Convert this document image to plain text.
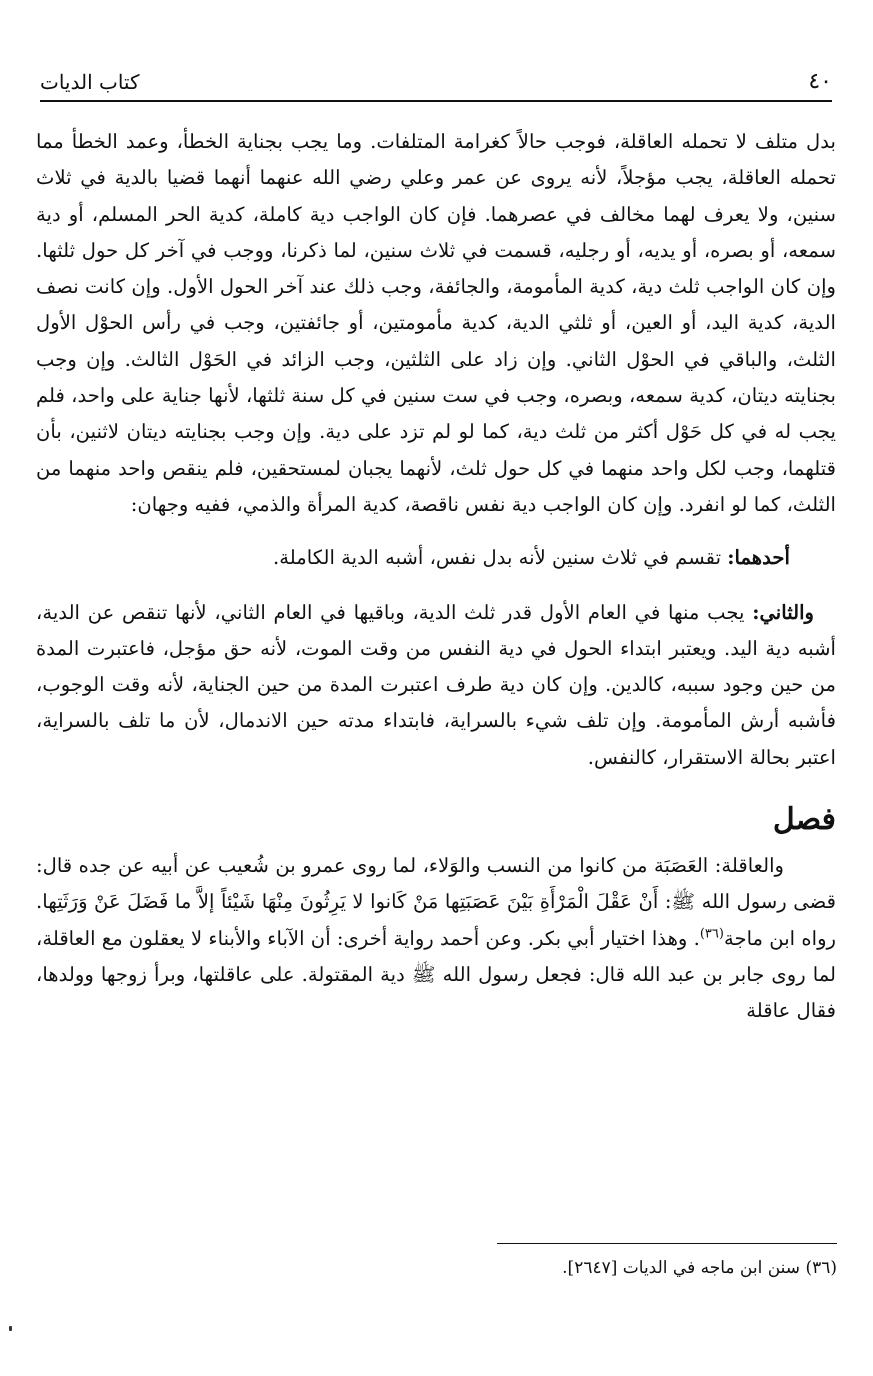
٤٠
كتاب الديات

بدل متلف لا تحمله العاقلة، فوجب حالاً كغرامة المتلفات. وما يجب بجناية الخطأ، وعمد الخطأ مما تحمله العاقلة، يجب مؤجلاً، لأنه يروى عن عمر وعلي رضي الله عنهما أنهما قضيا بالدية في ثلاث سنين، ولا يعرف لهما مخالف في عصرهما. فإن كان الواجب دية كاملة، كدية الحر المسلم، أو دية سمعه، أو بصره، أو يديه، أو رجليه، قسمت في ثلاث سنين، لما ذكرنا، ووجب في آخر كل حول ثلثها. وإن كان الواجب ثلث دية، كدية المأمومة، والجائفة، وجب ذلك عند آخر الحول الأول. وإن كانت نصف الدية، كدية اليد، أو العين، أو ثلثي الدية، كدية مأمومتين، أو جائفتين، وجب في رأس الحوْل الأول الثلث، والباقي في الحوْل الثاني. وإن زاد على الثلثين، وجب الزائد في الحَوْل الثالث. وإن وجب بجنايته ديتان، كدية سمعه، وبصره، وجب في ست سنين في كل سنة ثلثها، لأنها جناية على واحد، فلم يجب له في كل حَوْل أكثر من ثلث دية، كما لو لم تزد على دية. وإن وجب بجنايته ديتان لاثنين، بأن قتلهما، وجب لكل واحد منهما في كل حول ثلث، لأنهما يجبان لمستحقين، فلم ينقص واحد منهما من الثلث، كما لو انفرد. وإن كان الواجب دية نفس ناقصة، كدية المرأة والذمي، ففيه وجهان:

أحدهما: تقسم في ثلاث سنين لأنه بدل نفس، أشبه الدية الكاملة.

والثاني: يجب منها في العام الأول قدر ثلث الدية، وباقيها في العام الثاني، لأنها تنقص عن الدية، أشبه دية اليد. ويعتبر ابتداء الحول في دية النفس من وقت الموت، لأنه حق مؤجل، فاعتبرت المدة من حين وجود سببه، كالدين. وإن كان دية طرف اعتبرت المدة من حين الجناية، لأنه وقت الوجوب، فأشبه أرش المأمومة. وإن تلف شيء بالسراية، فابتداء مدته حين الاندمال، لأن ما تلف بالسراية، اعتبر بحالة الاستقرار، كالنفس.

فصل

والعاقلة: العَصَبَة من كانوا من النسب والوَلاء، لما روى عمرو بن شُعيب عن أبيه عن جده قال: قضى رسول الله ﷺ: أَنْ عَقْلَ الْمَرْأَةِ بَيْنَ عَصَبَتِها مَنْ كَانوا لا يَرِثُونَ مِنْهَا شَيْئاً إلاَّ ما فَضَلَ عَنْ وَرَثَتِها. رواه ابن ماجة$^{(٣٦)}$. وهذا اختيار أبي بكر. وعن أحمد رواية أخرى: أن الآباء والأبناء لا يعقلون مع العاقلة، لما روى جابر بن عبد الله قال: فجعل رسول الله ﷺ دية المقتولة. على عاقلتها، وبرأ زوجها وولدها، فقال عاقلة

(٣٦) سنن ابن ماجه في الديات [٢٦٤٧].
